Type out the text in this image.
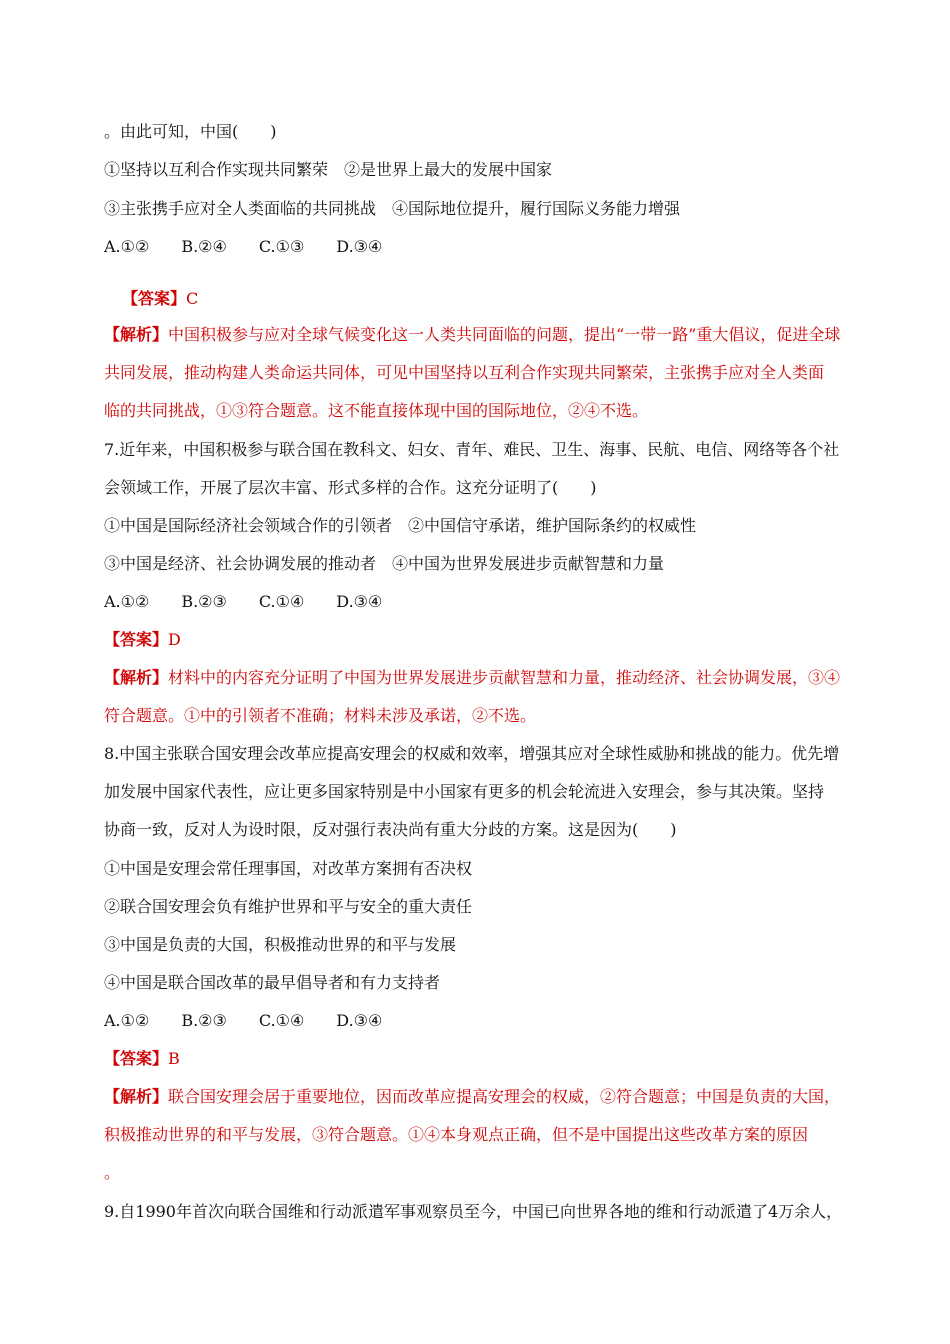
。由此可知，中国(　　)
①坚持以互利合作实现共同繁荣　②是世界上最大的发展中国家
③主张携手应对全人类面临的共同挑战　④国际地位提升，履行国际义务能力增强
A.①②　　B.②④　　C.①③　　D.③④
【答案】C
【解析】中国积极参与应对全球气候变化这一人类共同面临的问题，提出“一带一路”重大倡议，促进全球
共同发展，推动构建人类命运共同体，可见中国坚持以互利合作实现共同繁荣，主张携手应对全人类面
临的共同挑战，①③符合题意。这不能直接体现中国的国际地位，②④不选。
7.近年来，中国积极参与联合国在教科文、妇女、青年、难民、卫生、海事、民航、电信、网络等各个社
会领域工作，开展了层次丰富、形式多样的合作。这充分证明了(　　)
①中国是国际经济社会领域合作的引领者　②中国信守承诺，维护国际条约的权威性
③中国是经济、社会协调发展的推动者　④中国为世界发展进步贡献智慧和力量
A.①②　　B.②③　　C.①④　　D.③④
【答案】D
【解析】材料中的内容充分证明了中国为世界发展进步贡献智慧和力量，推动经济、社会协调发展，③④
符合题意。①中的引领者不准确；材料未涉及承诺，②不选。
8.中国主张联合国安理会改革应提高安理会的权威和效率，增强其应对全球性威胁和挑战的能力。优先增
加发展中国家代表性，应让更多国家特别是中小国家有更多的机会轮流进入安理会，参与其决策。坚持
协商一致，反对人为设时限，反对强行表决尚有重大分歧的方案。这是因为(　　)
①中国是安理会常任理事国，对改革方案拥有否决权
②联合国安理会负有维护世界和平与安全的重大责任
③中国是负责的大国，积极推动世界的和平与发展
④中国是联合国改革的最早倡导者和有力支持者
A.①②　　B.②③　　C.①④　　D.③④
【答案】B
【解析】联合国安理会居于重要地位，因而改革应提高安理会的权威，②符合题意；中国是负责的大国，
积极推动世界的和平与发展，③符合题意。①④本身观点正确，但不是中国提出这些改革方案的原因
。
9.自1990年首次向联合国维和行动派遣军事观察员至今，中国已向世界各地的维和行动派遣了4万余人，
